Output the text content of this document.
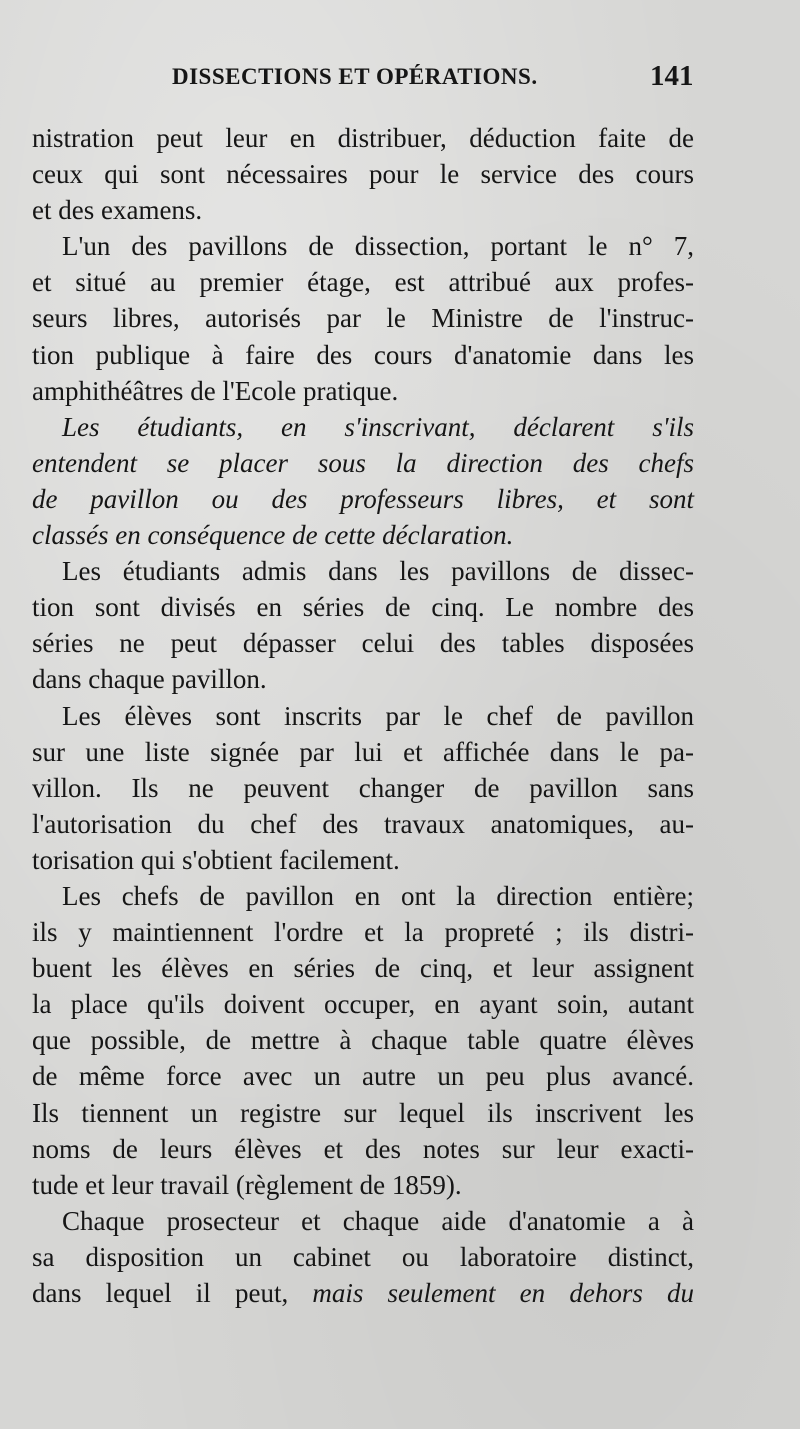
DISSECTIONS ET OPÉRATIONS.	141
nistration peut leur en distribuer, déduction faite de
ceux qui sont nécessaires pour le service des cours
et des examens.
L'un des pavillons de dissection, portant le n° 7,
et situé au premier étage, est attribué aux profes-
seurs libres, autorisés par le Ministre de l'instruc-
tion publique à faire des cours d'anatomie dans les
amphithéâtres de l'Ecole pratique.
Les étudiants, en s'inscrivant, déclarent s'ils
entendent se placer sous la direction des chefs
de pavillon ou des professeurs libres, et sont
classés en conséquence de cette déclaration.
Les étudiants admis dans les pavillons de dissec-
tion sont divisés en séries de cinq. Le nombre des
séries ne peut dépasser celui des tables disposées
dans chaque pavillon.
Les élèves sont inscrits par le chef de pavillon
sur une liste signée par lui et affichée dans le pa-
villon. Ils ne peuvent changer de pavillon sans
l'autorisation du chef des travaux anatomiques, au-
torisation qui s'obtient facilement.
Les chefs de pavillon en ont la direction entière;
ils y maintiennent l'ordre et la propreté ; ils distri-
buent les élèves en séries de cinq, et leur assignent
la place qu'ils doivent occuper, en ayant soin, autant
que possible, de mettre à chaque table quatre élèves
de même force avec un autre un peu plus avancé.
Ils tiennent un registre sur lequel ils inscrivent les
noms de leurs élèves et des notes sur leur exacti-
tude et leur travail (règlement de 1859).
Chaque prosecteur et chaque aide d'anatomie a à
sa disposition un cabinet ou laboratoire distinct,
dans lequel il peut, mais seulement en dehors du
